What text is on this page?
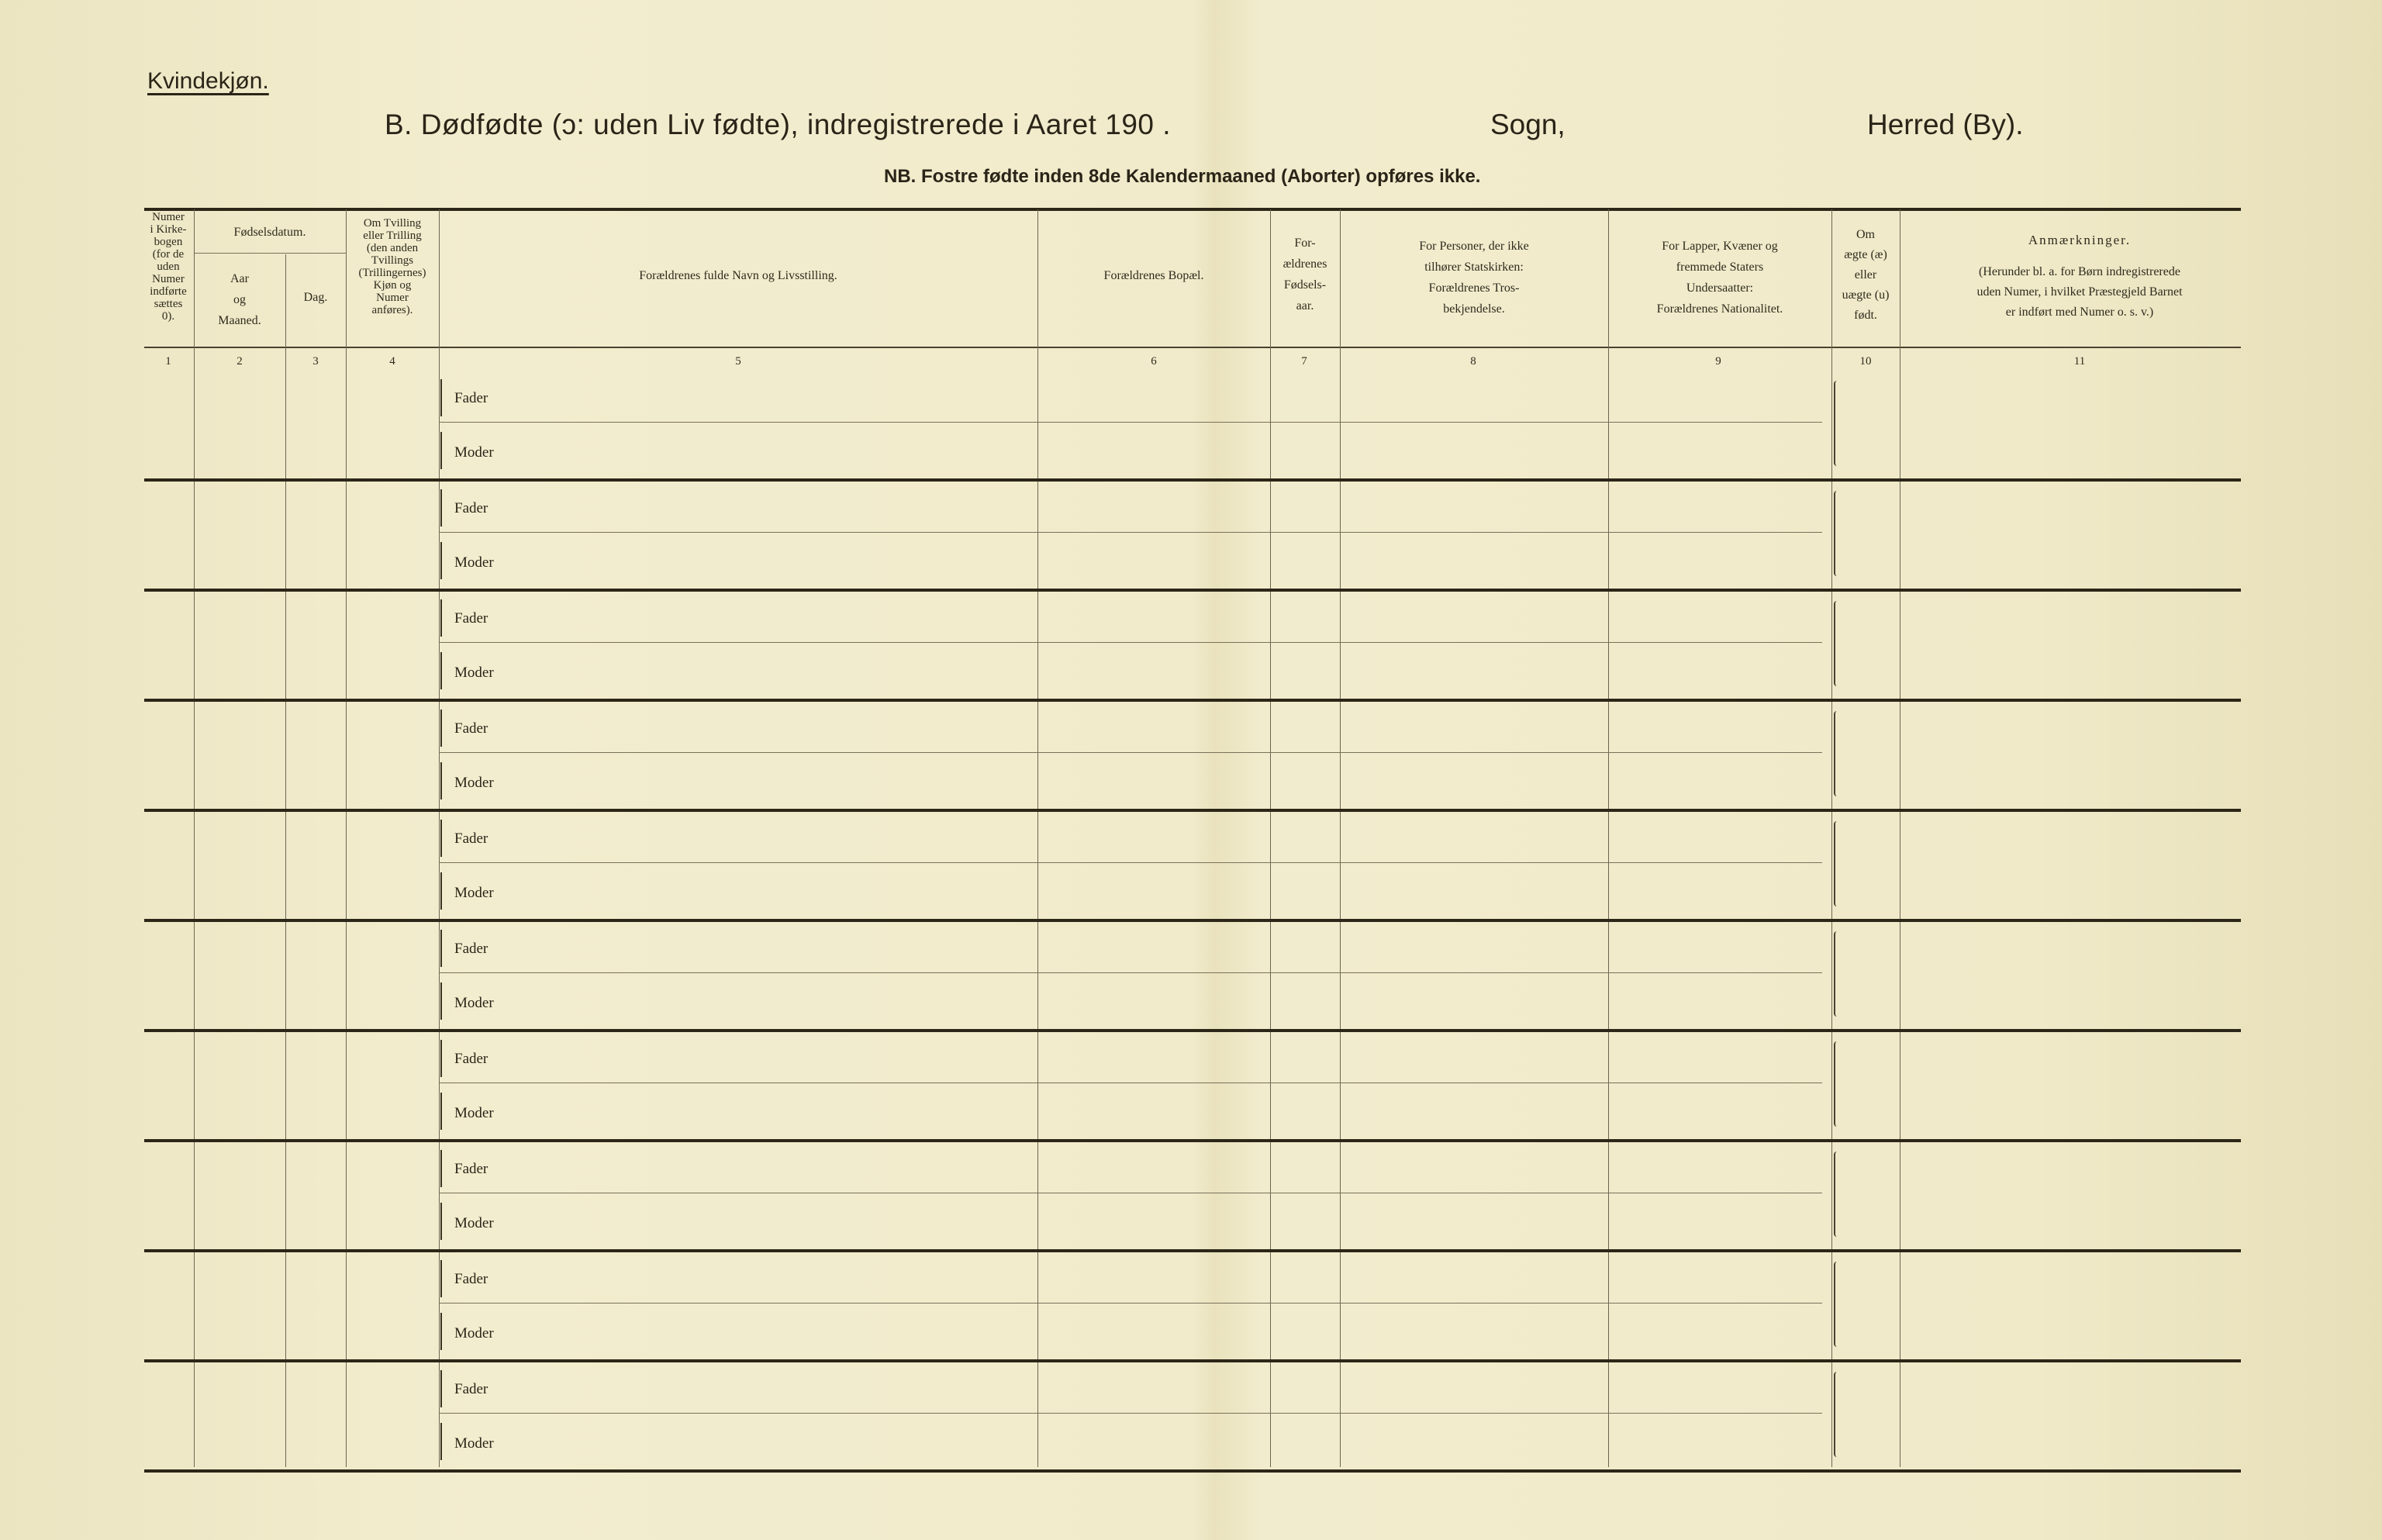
Kvindekjøn.
B. Dødfødte (ɔ: uden Liv fødte), indregistrerede i Aaret 190 .	Sogn,	Herred (By).
NB. Fostre fødte inden 8de Kalendermaaned (Aborter) opføres ikke.
Numer
i Kirke-
bogen
(for de
uden
Numer
indførte
sættes
0).
Fødselsdatum.
Aar
og
Maaned.
Dag.
Om Tvilling
eller Trilling
(den anden
Tvillings
(Trillingernes)
Kjøn og
Numer
anføres).
Forældrenes fulde Navn og Livsstilling.	Forældrenes Bopæl.
For-
ældrenes
Fødsels-
aar.
For Personer, der ikke
tilhører Statskirken:
Forældrenes Tros-
bekjendelse.
For Lapper, Kvæner og
fremmede Staters
Undersaatter:
Forældrenes Nationalitet.
Om
ægte (æ)
eller
uægte (u)
født.
Anmærkninger.
(Herunder bl. a. for Børn indregistrerede
uden Numer, i hvilket Præstegjeld Barnet
er indført med Numer o. s. v.)
1	2	3	4	5	6	7	8	9	10	11
Fader
Moder
Fader
Moder
Fader
Moder
Fader
Moder
Fader
Moder
Fader
Moder
Fader
Moder
Fader
Moder
Fader
Moder
Fader
Moder
